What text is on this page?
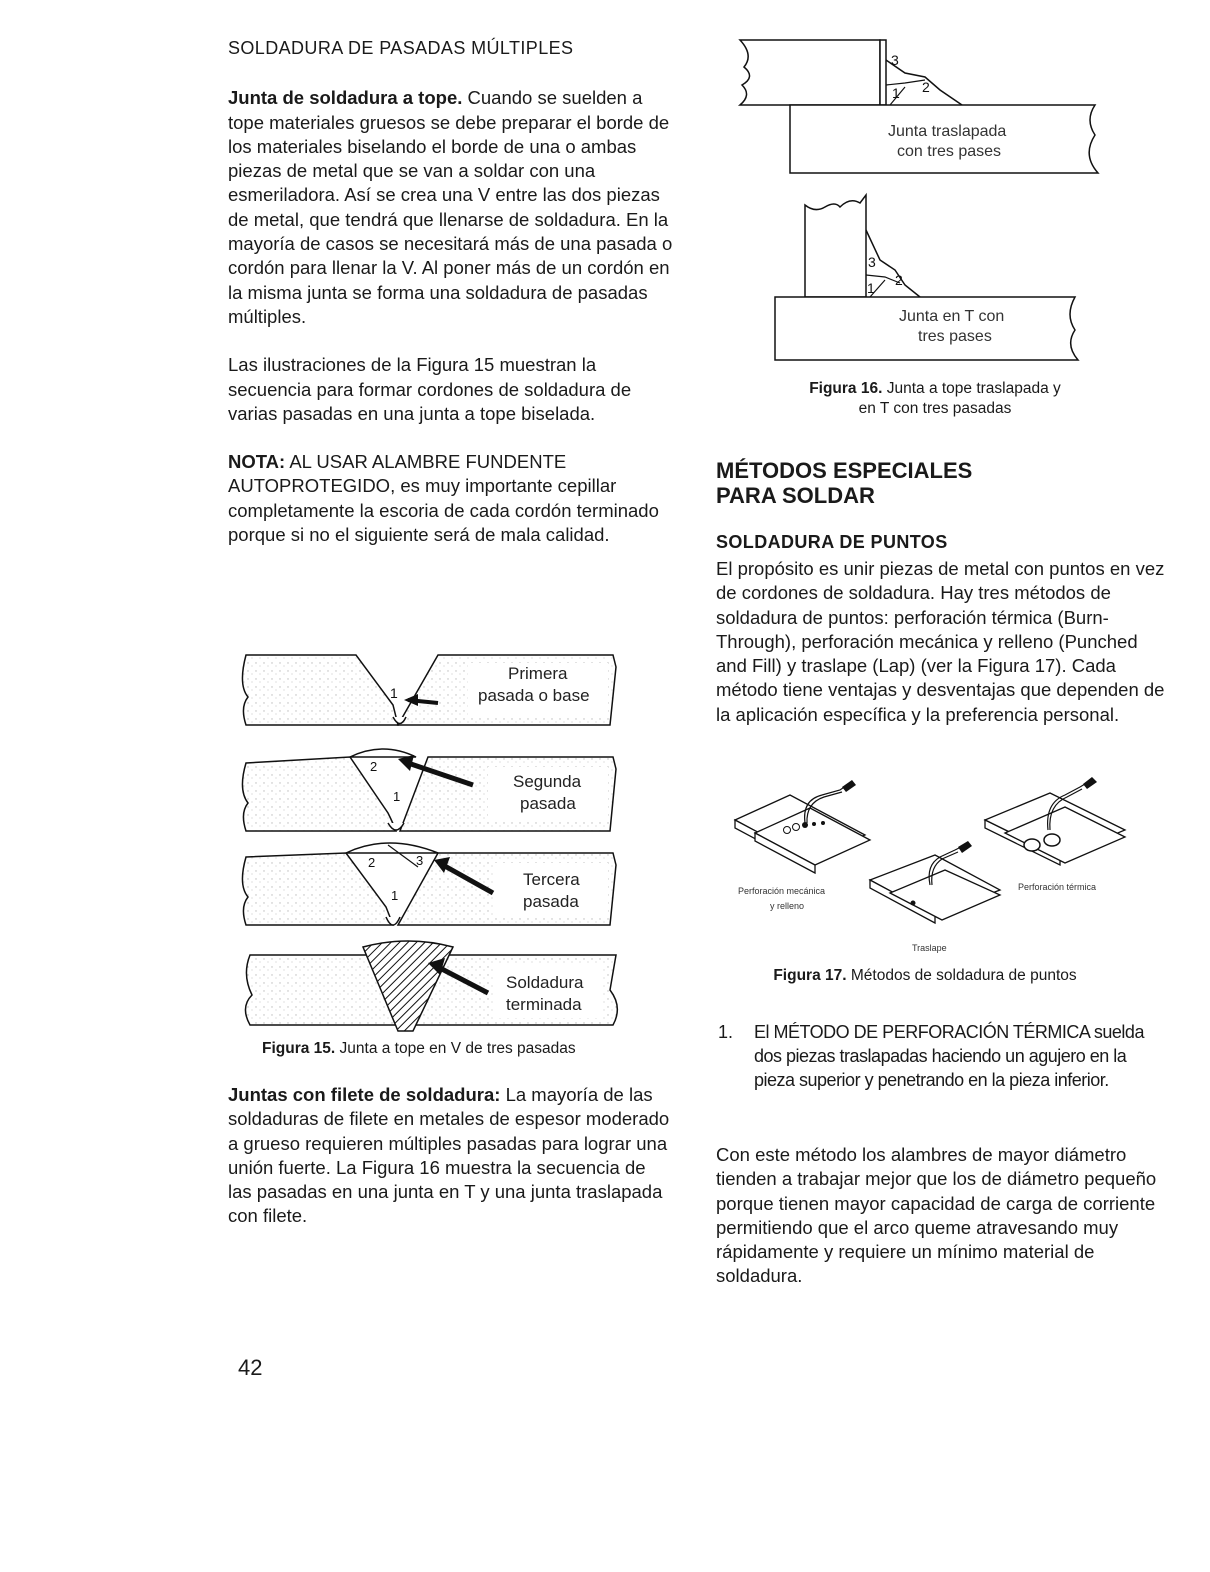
SOLDADURA DE PASADAS MÚLTIPLES

Junta de soldadura a tope. Cuando se suelden a tope materiales gruesos se debe preparar el borde de los materiales biselando el borde de una o ambas piezas de metal que se van a soldar con una esmeriladora. Así se crea una V entre las dos piezas de metal, que tendrá que llenarse de soldadura. En la mayoría de casos se necesitará más de una pasada o cordón para llenar la V. Al poner más de un cordón en la misma junta se forma una soldadura de pasadas múltiples.

Las ilustraciones de la Figura 15 muestran la secuencia para formar cordones de soldadura de varias pasadas en una junta a tope biselada.

NOTA: AL USAR ALAMBRE FUNDENTE AUTOPROTEGIDO, es muy importante cepillar completamente la escoria de cada cordón terminado porque si no el siguiente será de mala calidad.

1
Primera
pasada o base
2
1
Segunda
pasada
2	3
1
Tercera
pasada
Soldadura
terminada
Figura 15. Junta a tope en V de tres pasadas

Juntas con filete de soldadura: La mayoría de las soldaduras de filete en metales de espesor moderado a grueso requieren múltiples pasadas para lograr una unión fuerte. La Figura 16 muestra la secuencia de las pasadas en una junta en T y una junta traslapada con filete.

3
1 2
Junta traslapada
con tres pases
3
1 2
Junta en T con
tres pases
Figura 16. Junta a tope traslapada y
en T con tres pasadas
MÉTODOS ESPECIALES
PARA SOLDAR
SOLDADURA DE PUNTOS
El propósito es unir piezas de metal con puntos en vez de cordones de soldadura. Hay tres métodos de soldadura de puntos: perforación térmica (Burn-Through), perforación mecánica y relleno (Punched and Fill) y traslape (Lap) (ver la Figura 17). Cada método tiene ventajas y desventajas que dependen de la aplicación específica y la preferencia personal.
Perforación mecánica
y relleno
Perforación térmica
Traslape
Figura 17. Métodos de soldadura de puntos
1. El MÉTODO DE PERFORACIÓN TÉRMICA suelda dos piezas traslapadas haciendo un agujero en la pieza superior y penetrando en la pieza inferior.
Con este método los alambres de mayor diámetro tienden a trabajar mejor que los de diámetro pequeño porque tienen mayor capacidad de carga de corriente permitiendo que el arco queme atravesando muy rápidamente y requiere un mínimo material de soldadura.
42
